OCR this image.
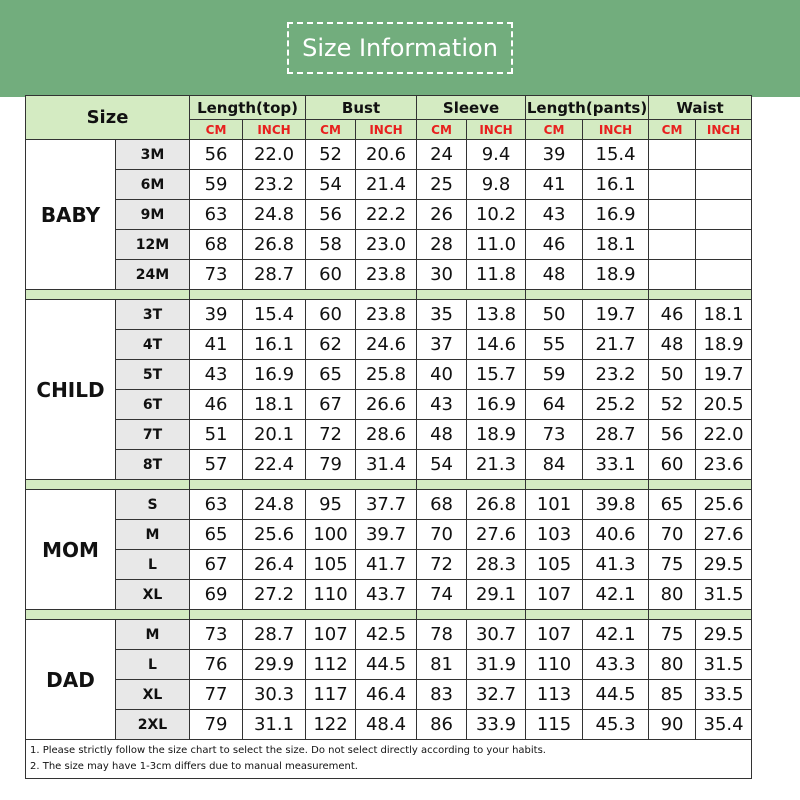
Size Information
Size		Length(top)		Bust		Sleeve		Length(pants)		Waist	
		CM	INCH	CM	INCH	CM	INCH	CM	INCH	CM	INCH
BABY	3M	56	22.0	52	20.6	24	9.4	39	15.4		
	6M	59	23.2	54	21.4	25	9.8	41	16.1		
	9M	63	24.8	56	22.2	26	10.2	43	16.9		
	12M	68	26.8	58	23.0	28	11.0	46	18.1		
	24M	73	28.7	60	23.8	30	11.8	48	18.9		

CHILD	3T	39	15.4	60	23.8	35	13.8	50	19.7	46	18.1
	4T	41	16.1	62	24.6	37	14.6	55	21.7	48	18.9
	5T	43	16.9	65	25.8	40	15.7	59	23.2	50	19.7
	6T	46	18.1	67	26.6	43	16.9	64	25.2	52	20.5
	7T	51	20.1	72	28.6	48	18.9	73	28.7	56	22.0
	8T	57	22.4	79	31.4	54	21.3	84	33.1	60	23.6

MOM	S	63	24.8	95	37.7	68	26.8	101	39.8	65	25.6
	M	65	25.6	100	39.7	70	27.6	103	40.6	70	27.6
	L	67	26.4	105	41.7	72	28.3	105	41.3	75	29.5
	XL	69	27.2	110	43.7	74	29.1	107	42.1	80	31.5

DAD	M	73	28.7	107	42.5	78	30.7	107	42.1	75	29.5
	L	76	29.9	112	44.5	81	31.9	110	43.3	80	31.5
	XL	77	30.3	117	46.4	83	32.7	113	44.5	85	33.5
	2XL	79	31.1	122	48.4	86	33.9	115	45.3	90	35.4

1. Please strictly follow the size chart to select the size. Do not select directly according to your habits.
2. The size may have 1-3cm differs due to manual measurement.											
